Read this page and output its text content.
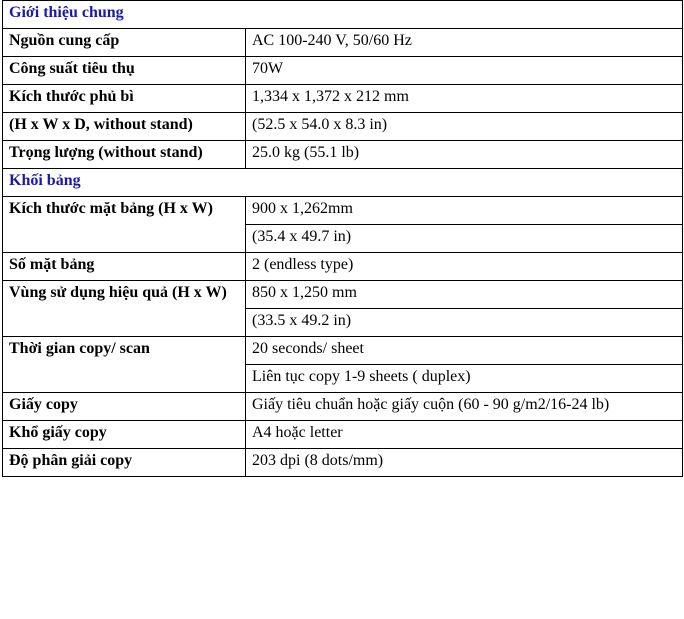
Giới thiệu chung	
Nguồn cung cấp	AC 100-240 V, 50/60 Hz
Công suất tiêu thụ	70W
Kích thước phủ bì	1,334 x 1,372 x 212 mm
(H x W x D, without stand)	(52.5 x 54.0 x 8.3 in)
Trọng lượng (without stand)	25.0 kg (55.1 lb)
Khối bảng	
Kích thước mặt bảng (H x W)	900 x 1,262mm
	(35.4 x 49.7 in)
Số mặt bảng	2 (endless type)
Vùng sử dụng hiệu quả (H x W)	850 x 1,250 mm
	(33.5 x 49.2 in)
Thời gian copy/ scan	20 seconds/ sheet
	Liên tục copy 1-9 sheets ( duplex)
Giấy copy	Giấy tiêu chuẩn hoặc giấy cuộn (60 - 90 g/m2/16-24 lb)
Khổ giấy copy	A4 hoặc letter
Độ phân giải copy	203 dpi (8 dots/mm)
